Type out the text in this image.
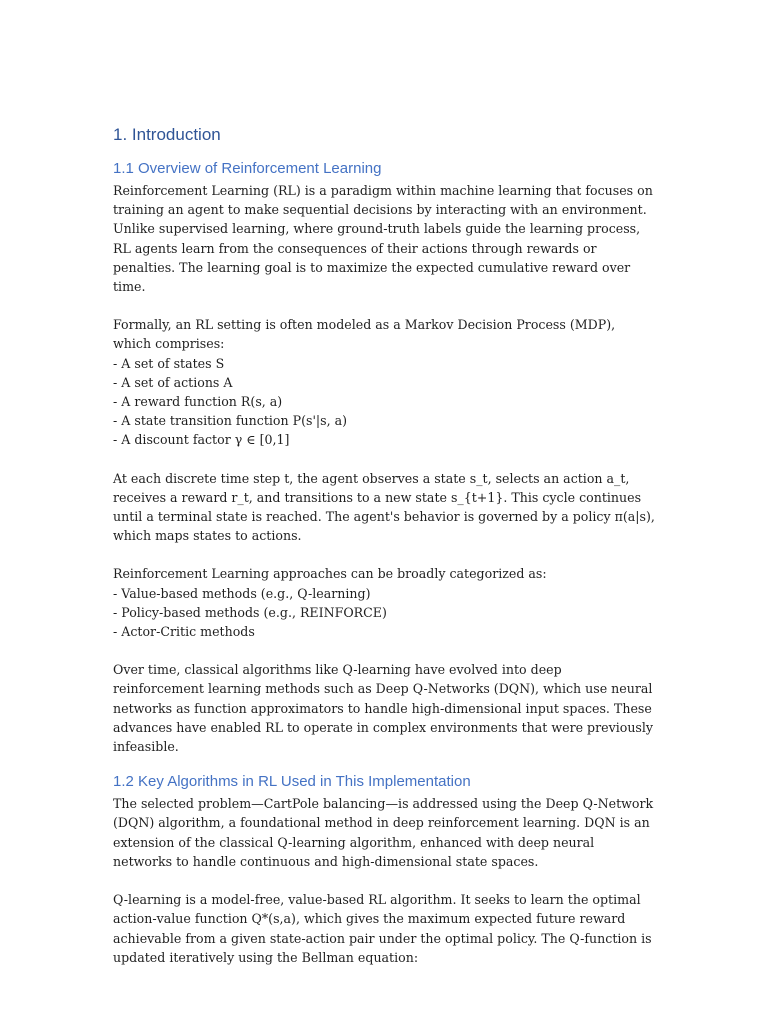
1. Introduction
1.1 Overview of Reinforcement Learning

Reinforcement Learning (RL) is a paradigm within machine learning that focuses on training an agent to make sequential decisions by interacting with an environment. Unlike supervised learning, where ground-truth labels guide the learning process, RL agents learn from the consequences of their actions through rewards or penalties. The learning goal is to maximize the expected cumulative reward over time.

Formally, an RL setting is often modeled as a Markov Decision Process (MDP), which comprises:
- A set of states S
- A set of actions A
- A reward function R(s, a)
- A state transition function P(s'|s, a)
- A discount factor γ ∈ [0,1]

At each discrete time step t, the agent observes a state s_t, selects an action a_t, receives a reward r_t, and transitions to a new state s_{t+1}. This cycle continues until a terminal state is reached. The agent's behavior is governed by a policy π(a|s), which maps states to actions.

Reinforcement Learning approaches can be broadly categorized as:
- Value-based methods (e.g., Q-learning)
- Policy-based methods (e.g., REINFORCE)
- Actor-Critic methods

Over time, classical algorithms like Q-learning have evolved into deep reinforcement learning methods such as Deep Q-Networks (DQN), which use neural networks as function approximators to handle high-dimensional input spaces. These advances have enabled RL to operate in complex environments that were previously infeasible.

1.2 Key Algorithms in RL Used in This Implementation

The selected problem—CartPole balancing—is addressed using the Deep Q-Network (DQN) algorithm, a foundational method in deep reinforcement learning. DQN is an extension of the classical Q-learning algorithm, enhanced with deep neural networks to handle continuous and high-dimensional state spaces.

Q-learning is a model-free, value-based RL algorithm. It seeks to learn the optimal action-value function Q*(s,a), which gives the maximum expected future reward achievable from a given state-action pair under the optimal policy. The Q-function is updated iteratively using the Bellman equation:
